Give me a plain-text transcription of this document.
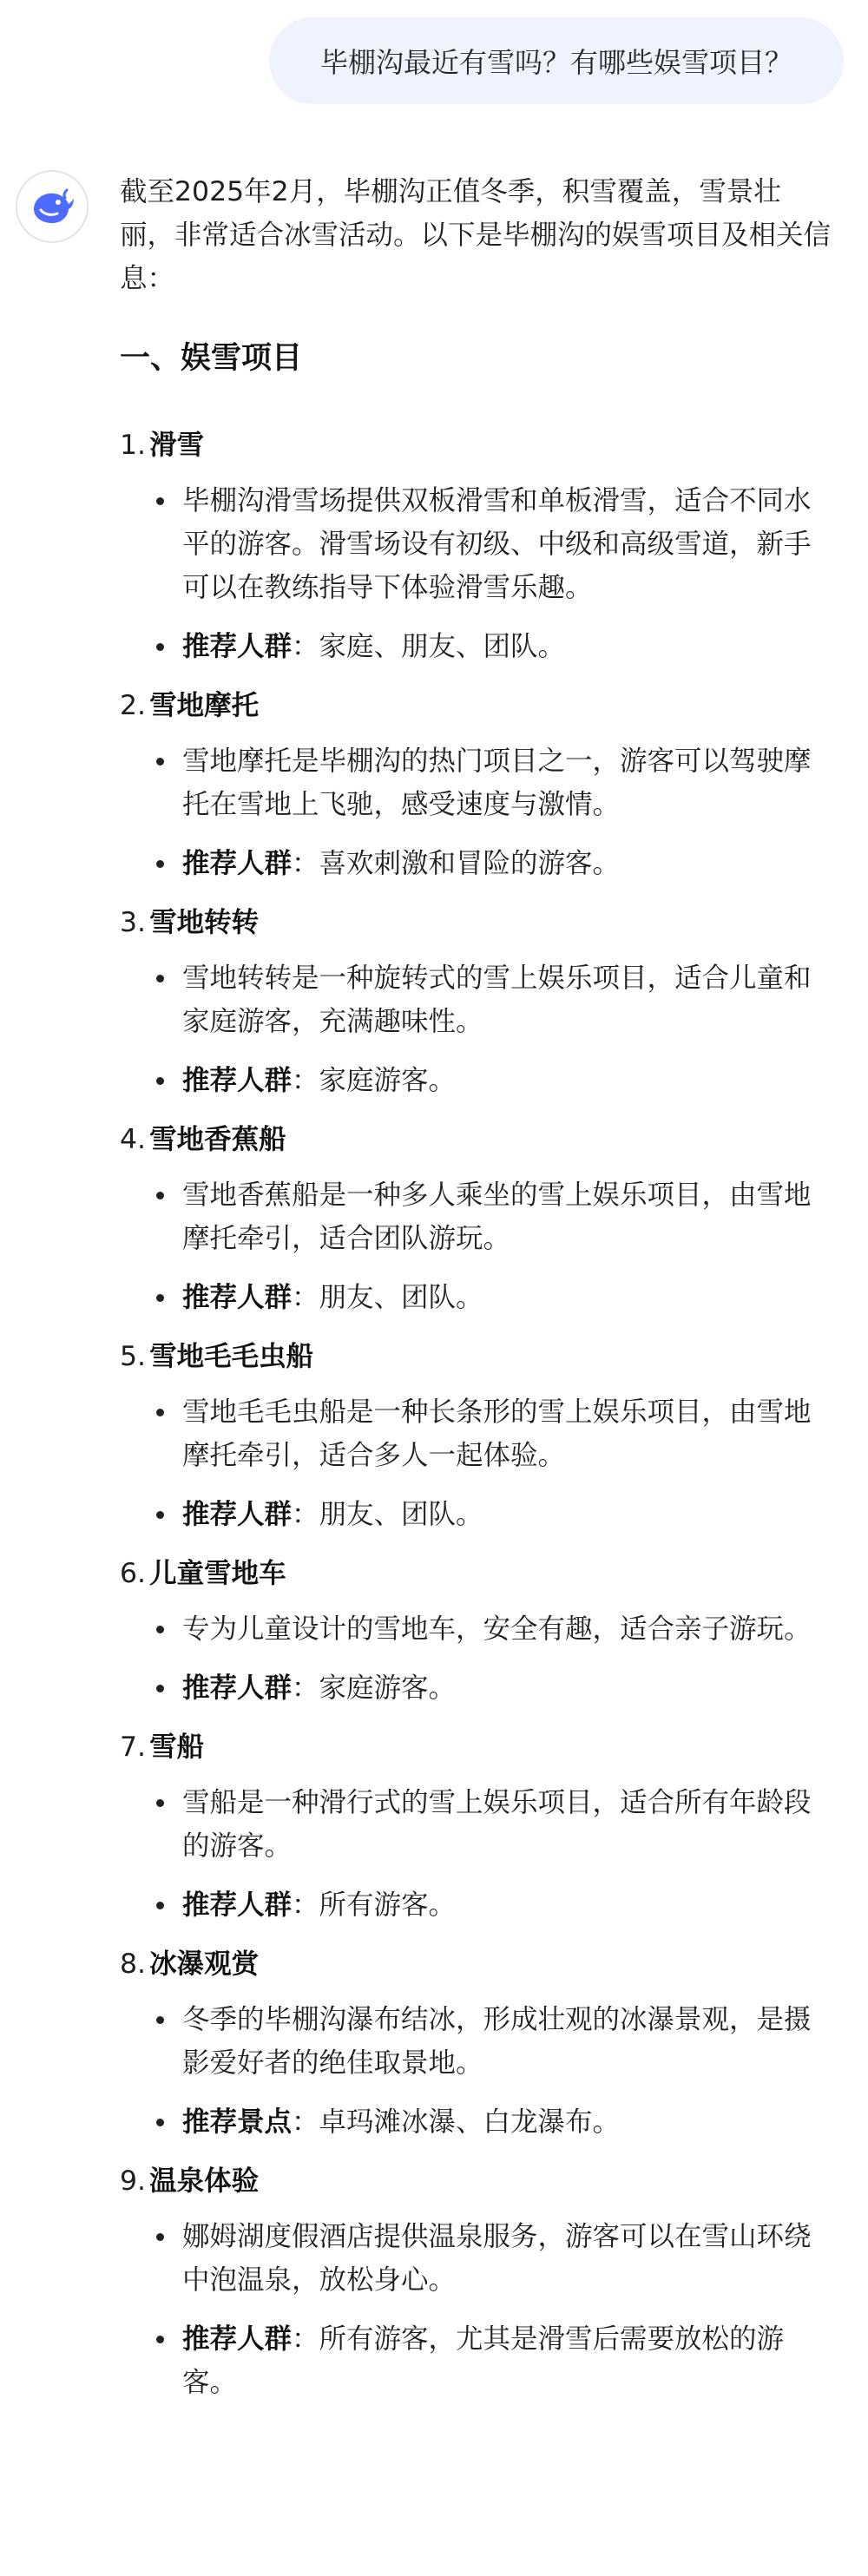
毕棚沟最近有雪吗？有哪些娱雪项目？

截至2025年2月，毕棚沟正值冬季，积雪覆盖，雪景壮丽，非常适合冰雪活动。以下是毕棚沟的娱雪项目及相关信息：

一、娱雪项目
1. 滑雪
毕棚沟滑雪场提供双板滑雪和单板滑雪，适合不同水平的游客。滑雪场设有初级、中级和高级雪道，新手可以在教练指导下体验滑雪乐趣。
推荐人群：家庭、朋友、团队。
2. 雪地摩托
雪地摩托是毕棚沟的热门项目之一，游客可以驾驶摩托在雪地上飞驰，感受速度与激情。
推荐人群：喜欢刺激和冒险的游客。
3. 雪地转转
雪地转转是一种旋转式的雪上娱乐项目，适合儿童和家庭游客，充满趣味性。
推荐人群：家庭游客。
4. 雪地香蕉船
雪地香蕉船是一种多人乘坐的雪上娱乐项目，由雪地摩托牵引，适合团队游玩。
推荐人群：朋友、团队。
5. 雪地毛毛虫船
雪地毛毛虫船是一种长条形的雪上娱乐项目，由雪地摩托牵引，适合多人一起体验。
推荐人群：朋友、团队。
6. 儿童雪地车
专为儿童设计的雪地车，安全有趣，适合亲子游玩。
推荐人群：家庭游客。
7. 雪船
雪船是一种滑行式的雪上娱乐项目，适合所有年龄段的游客。
推荐人群：所有游客。
8. 冰瀑观赏
冬季的毕棚沟瀑布结冰，形成壮观的冰瀑景观，是摄影爱好者的绝佳取景地。
推荐景点：卓玛滩冰瀑、白龙瀑布。
9. 温泉体验
娜姆湖度假酒店提供温泉服务，游客可以在雪山环绕中泡温泉，放松身心。
推荐人群：所有游客，尤其是滑雪后需要放松的游客。
